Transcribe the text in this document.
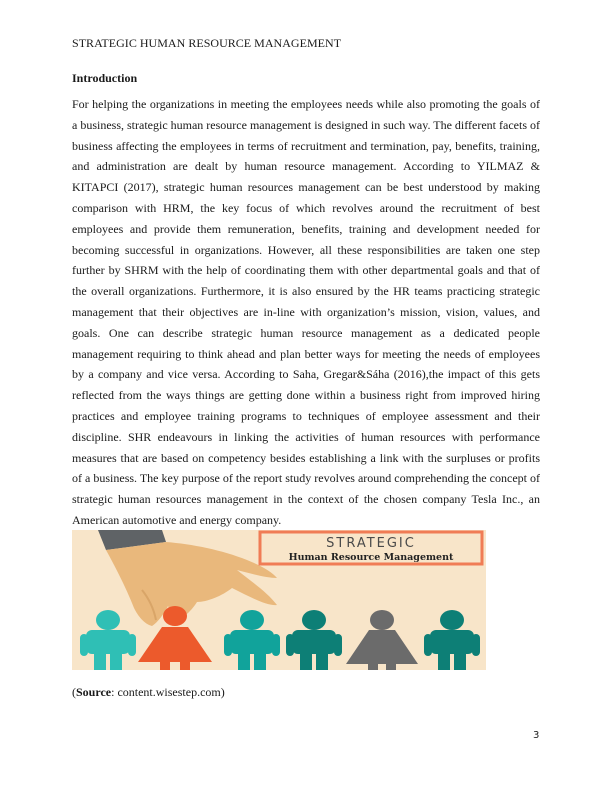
STRATEGIC HUMAN RESOURCE MANAGEMENT
Introduction

For helping the organizations in meeting the employees needs while also promoting the goals of a business, strategic human resource management is designed in such way. The different facets of business affecting the employees in terms of recruitment and termination, pay, benefits, training, and administration are dealt by human resource management. According to YILMAZ & KITAPCI (2017), strategic human resources management can be best understood by making comparison with HRM, the key focus of which revolves around the recruitment of best employees and provide them remuneration, benefits, training and development needed for becoming successful in organizations. However, all these responsibilities are taken one step further by SHRM with the help of coordinating them with other departmental goals and that of the overall organizations. Furthermore, it is also ensured by the HR teams practicing strategic management that their objectives are in-line with organization’s mission, vision, values, and goals. One can describe strategic human resource management as a dedicated people management requiring to think ahead and plan better ways for meeting the needs of employees by a company and vice versa. According to Saha, Gregar&Sáha (2016),the impact of this gets reflected from the ways things are getting done within a business right from improved hiring practices and employee training programs to techniques of employee assessment and their discipline. SHR endeavours in linking the activities of human resources with performance measures that are based on competency besides establishing a link with the surpluses or profits of a business. The key purpose of the report study revolves around comprehending the concept of strategic human resources management in the context of the chosen company Tesla Inc., an American automotive and energy company.

STRATEGIC
Human Resource Management
(Source: content.wisestep.com)
3
